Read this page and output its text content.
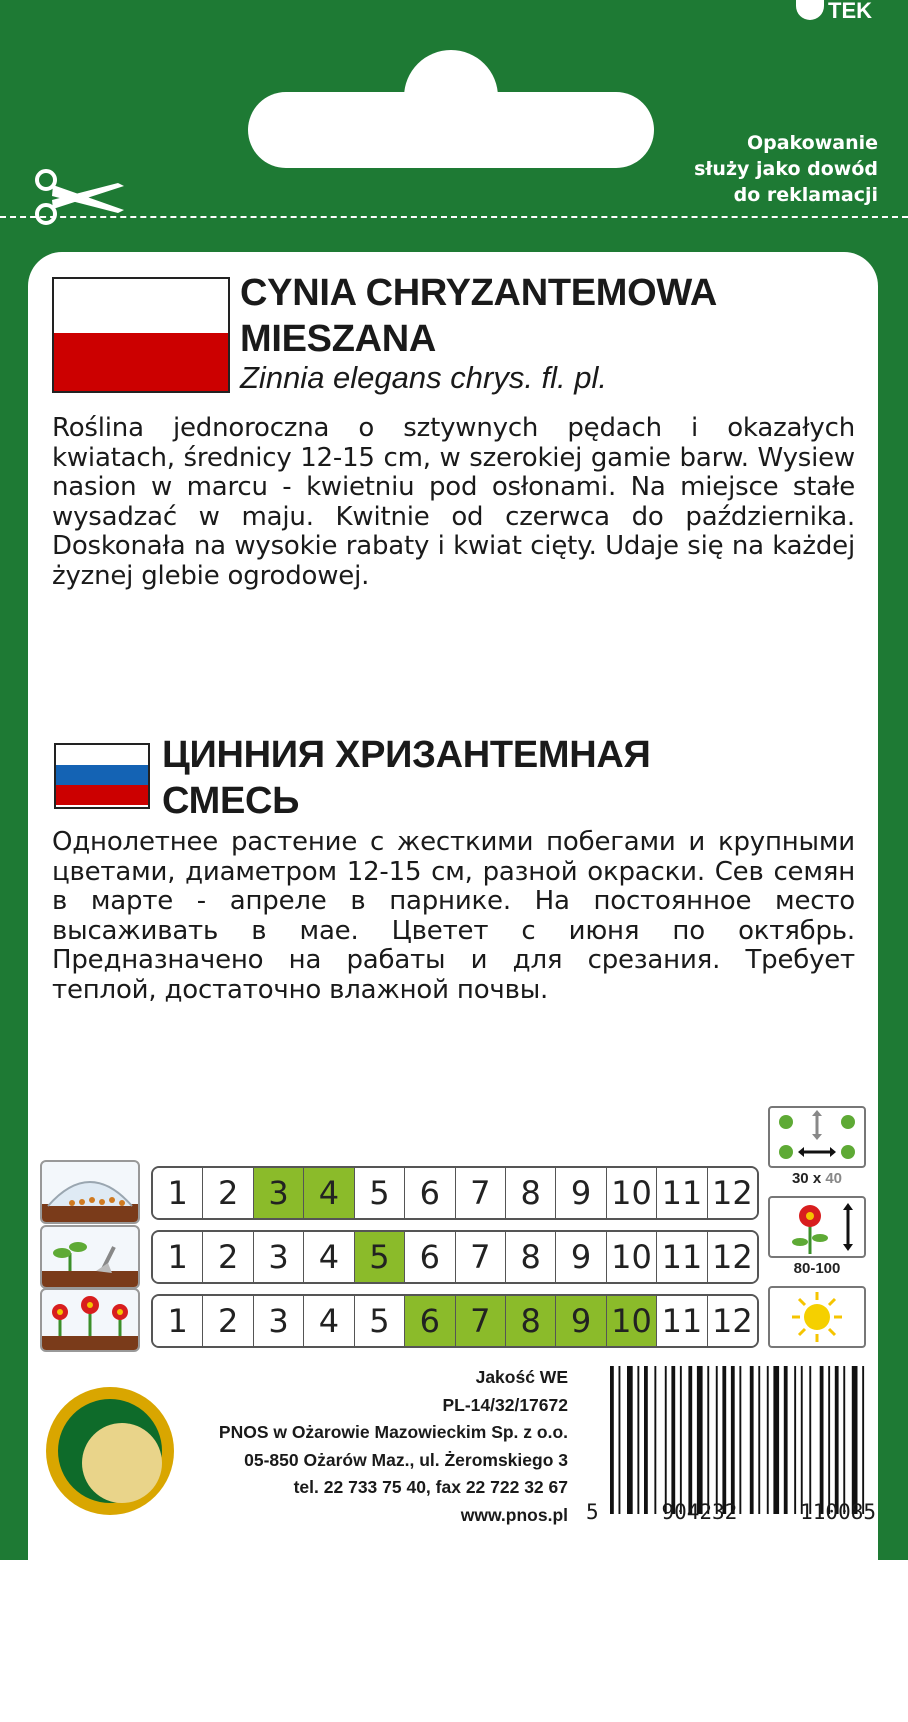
TEK
Opakowanie
służy jako dowód
do reklamacji
CYNIA CHRYZANTEMOWA
MIESZANA
Zinnia elegans chrys. fl. pl.
Roślina jednoroczna o sztywnych pędach i okazałych kwiatach, średnicy 12-15 cm, w szerokiej gamie barw. Wysiew nasion w marcu - kwietniu pod osłonami. Na miejsce stałe wysadzać w maju. Kwitnie od czerwca do października. Doskonała na wysokie rabaty i kwiat cięty. Udaje się na każdej żyznej glebie ogrodowej.
ЦИННИЯ ХРИЗАНТЕМНАЯ
СМЕСЬ
Однолетнее растение с жесткими побегами и крупными цветами, диаметром 12-15 см, разной окраски. Сев семян в марте - апреле в парнике. На постоянное место высаживать в мае. Цветет с июня по октябрь. Предназначено на рабаты и для срезания. Требует теплой, достаточно влажной почвы.
1 2 3 4 5 6 7 8 9 10 11 12
1 2 3 4 5 6 7 8 9 10 11 12
1 2 3 4 5 6 7 8 9 10 11 12
30 x 40
80-100
Jakość WE
PL-14/32/17672
PNOS w Ożarowie Mazowieckim Sp. z o.o.
05-850 Ożarów Maz., ul. Żeromskiego 3
tel. 22 733 75 40, fax 22 722 32 67
www.pnos.pl 5	904232	110085
